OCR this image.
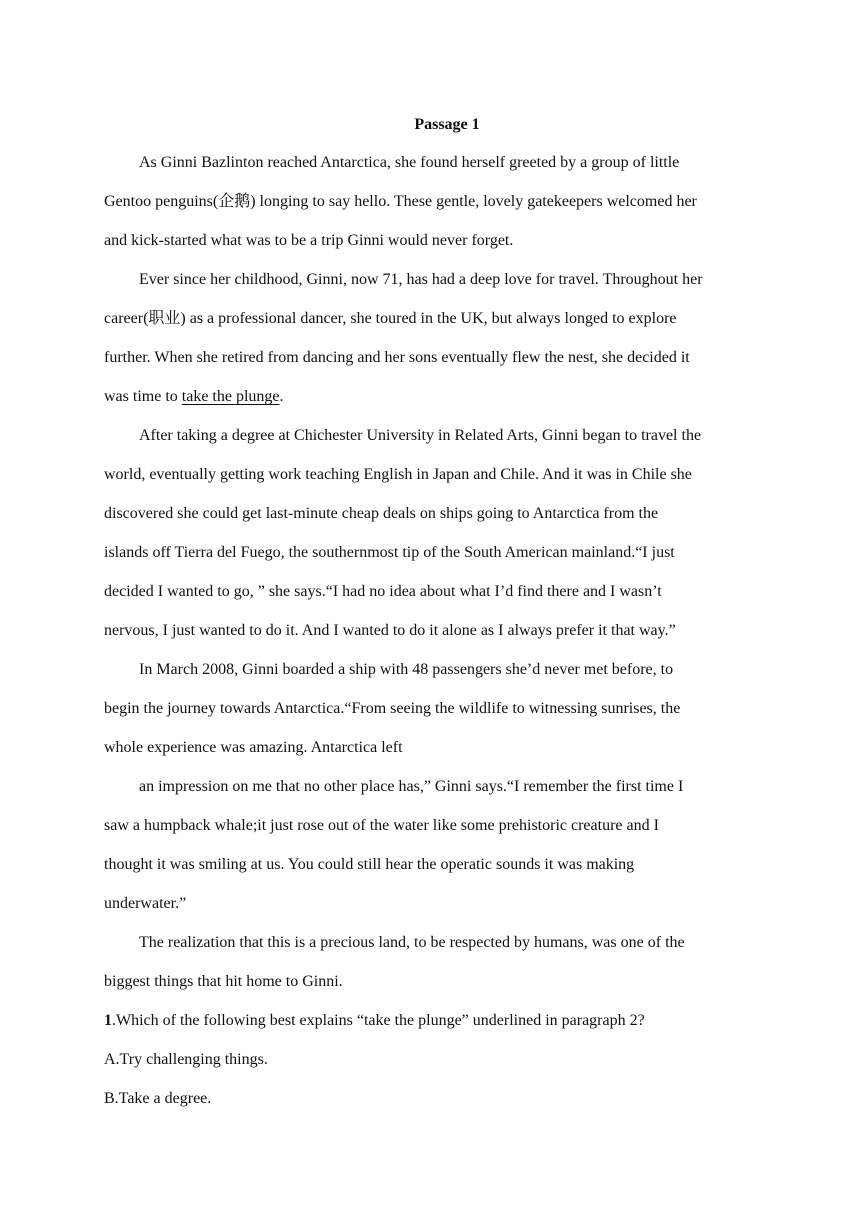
Passage 1
As Ginni Bazlinton reached Antarctica, she found herself greeted by a group of little
Gentoo penguins(企鹅) longing to say hello. These gentle, lovely gatekeepers welcomed her
and kick-started what was to be a trip Ginni would never forget.
Ever since her childhood, Ginni, now 71, has had a deep love for travel. Throughout her
career(职业) as a professional dancer, she toured in the UK, but always longed to explore
further. When she retired from dancing and her sons eventually flew the nest, she decided it
was time to take the plunge.
After taking a degree at Chichester University in Related Arts, Ginni began to travel the
world, eventually getting work teaching English in Japan and Chile. And it was in Chile she
discovered she could get last-minute cheap deals on ships going to Antarctica from the
islands off Tierra del Fuego, the southernmost tip of the South American mainland.“I just
decided I wanted to go, ” she says.“I had no idea about what I’d find there and I wasn’t
nervous, I just wanted to do it. And I wanted to do it alone as I always prefer it that way.”
In March 2008, Ginni boarded a ship with 48 passengers she’d never met before, to
begin the journey towards Antarctica.“From seeing the wildlife to witnessing sunrises, the
whole experience was amazing. Antarctica left
an impression on me that no other place has,” Ginni says.“I remember the first time I
saw a humpback whale;it just rose out of the water like some prehistoric creature and I
thought it was smiling at us. You could still hear the operatic sounds it was making
underwater.”
The realization that this is a precious land, to be respected by humans, was one of the
biggest things that hit home to Ginni.
1.Which of the following best explains “take the plunge” underlined in paragraph 2?
A.Try challenging things.
B.Take a degree.
